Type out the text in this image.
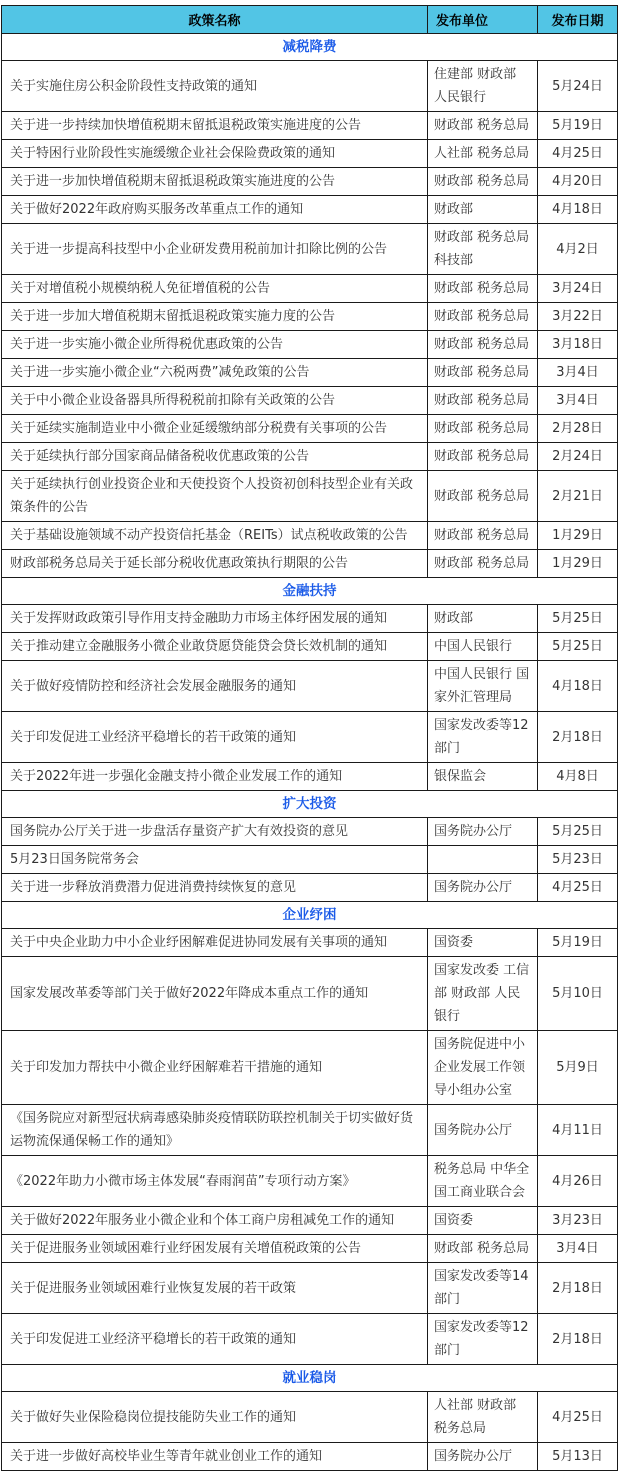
政策名称	发布单位	发布日期
减税降费		
关于实施住房公积金阶段性支持政策的通知	住建部 财政部 人民银行	5月24日
关于进一步持续加快增值税期末留抵退税政策实施进度的公告	财政部 税务总局	5月19日
关于特困行业阶段性实施缓缴企业社会保险费政策的通知	人社部 税务总局	4月25日
关于进一步加快增值税期末留抵退税政策实施进度的公告	财政部 税务总局	4月20日
关于做好2022年政府购买服务改革重点工作的通知	财政部	4月18日
关于进一步提高科技型中小企业研发费用税前加计扣除比例的公告	财政部 税务总局 科技部	4月2日
关于对增值税小规模纳税人免征增值税的公告	财政部 税务总局	3月24日
关于进一步加大增值税期末留抵退税政策实施力度的公告	财政部 税务总局	3月22日
关于进一步实施小微企业所得税优惠政策的公告	财政部 税务总局	3月18日
关于进一步实施小微企业“六税两费”减免政策的公告	财政部 税务总局	3月4日
关于中小微企业设备器具所得税税前扣除有关政策的公告	财政部 税务总局	3月4日
关于延续实施制造业中小微企业延缓缴纳部分税费有关事项的公告	财政部 税务总局	2月28日
关于延续执行部分国家商品储备税收优惠政策的公告	财政部 税务总局	2月24日
关于延续执行创业投资企业和天使投资个人投资初创科技型企业有关政策条件的公告	财政部 税务总局	2月21日
关于基础设施领域不动产投资信托基金（REITs）试点税收政策的公告	财政部 税务总局	1月29日
财政部税务总局关于延长部分税收优惠政策执行期限的公告	财政部 税务总局	1月29日
金融扶持		
关于发挥财政政策引导作用支持金融助力市场主体纾困发展的通知	财政部	5月25日
关于推动建立金融服务小微企业敢贷愿贷能贷会贷长效机制的通知	中国人民银行	5月25日
关于做好疫情防控和经济社会发展金融服务的通知	中国人民银行 国家外汇管理局	4月18日
关于印发促进工业经济平稳增长的若干政策的通知	国家发改委等12部门	2月18日
关于2022年进一步强化金融支持小微企业发展工作的通知	银保监会	4月8日
扩大投资		
国务院办公厅关于进一步盘活存量资产扩大有效投资的意见	国务院办公厅	5月25日
5月23日国务院常务会		5月23日
关于进一步释放消费潜力促进消费持续恢复的意见	国务院办公厅	4月25日
企业纾困		
关于中央企业助力中小企业纾困解难促进协同发展有关事项的通知	国资委	5月19日
国家发展改革委等部门关于做好2022年降成本重点工作的通知	国家发改委 工信部 财政部 人民银行	5月10日
关于印发加力帮扶中小微企业纾困解难若干措施的通知	国务院促进中小企业发展工作领导小组办公室	5月9日
《国务院应对新型冠状病毒感染肺炎疫情联防联控机制关于切实做好货运物流保通保畅工作的通知》	国务院办公厅	4月11日
《2022年助力小微市场主体发展“春雨润苗”专项行动方案》	税务总局 中华全国工商业联合会	4月26日
关于做好2022年服务业小微企业和个体工商户房租减免工作的通知	国资委	3月23日
关于促进服务业领域困难行业纾困发展有关增值税政策的公告	财政部 税务总局	3月4日
关于促进服务业领域困难行业恢复发展的若干政策	国家发改委等14部门	2月18日
关于印发促进工业经济平稳增长的若干政策的通知	国家发改委等12部门	2月18日
就业稳岗		
关于做好失业保险稳岗位提技能防失业工作的通知	人社部 财政部 税务总局	4月25日
关于进一步做好高校毕业生等青年就业创业工作的通知	国务院办公厅	5月13日
